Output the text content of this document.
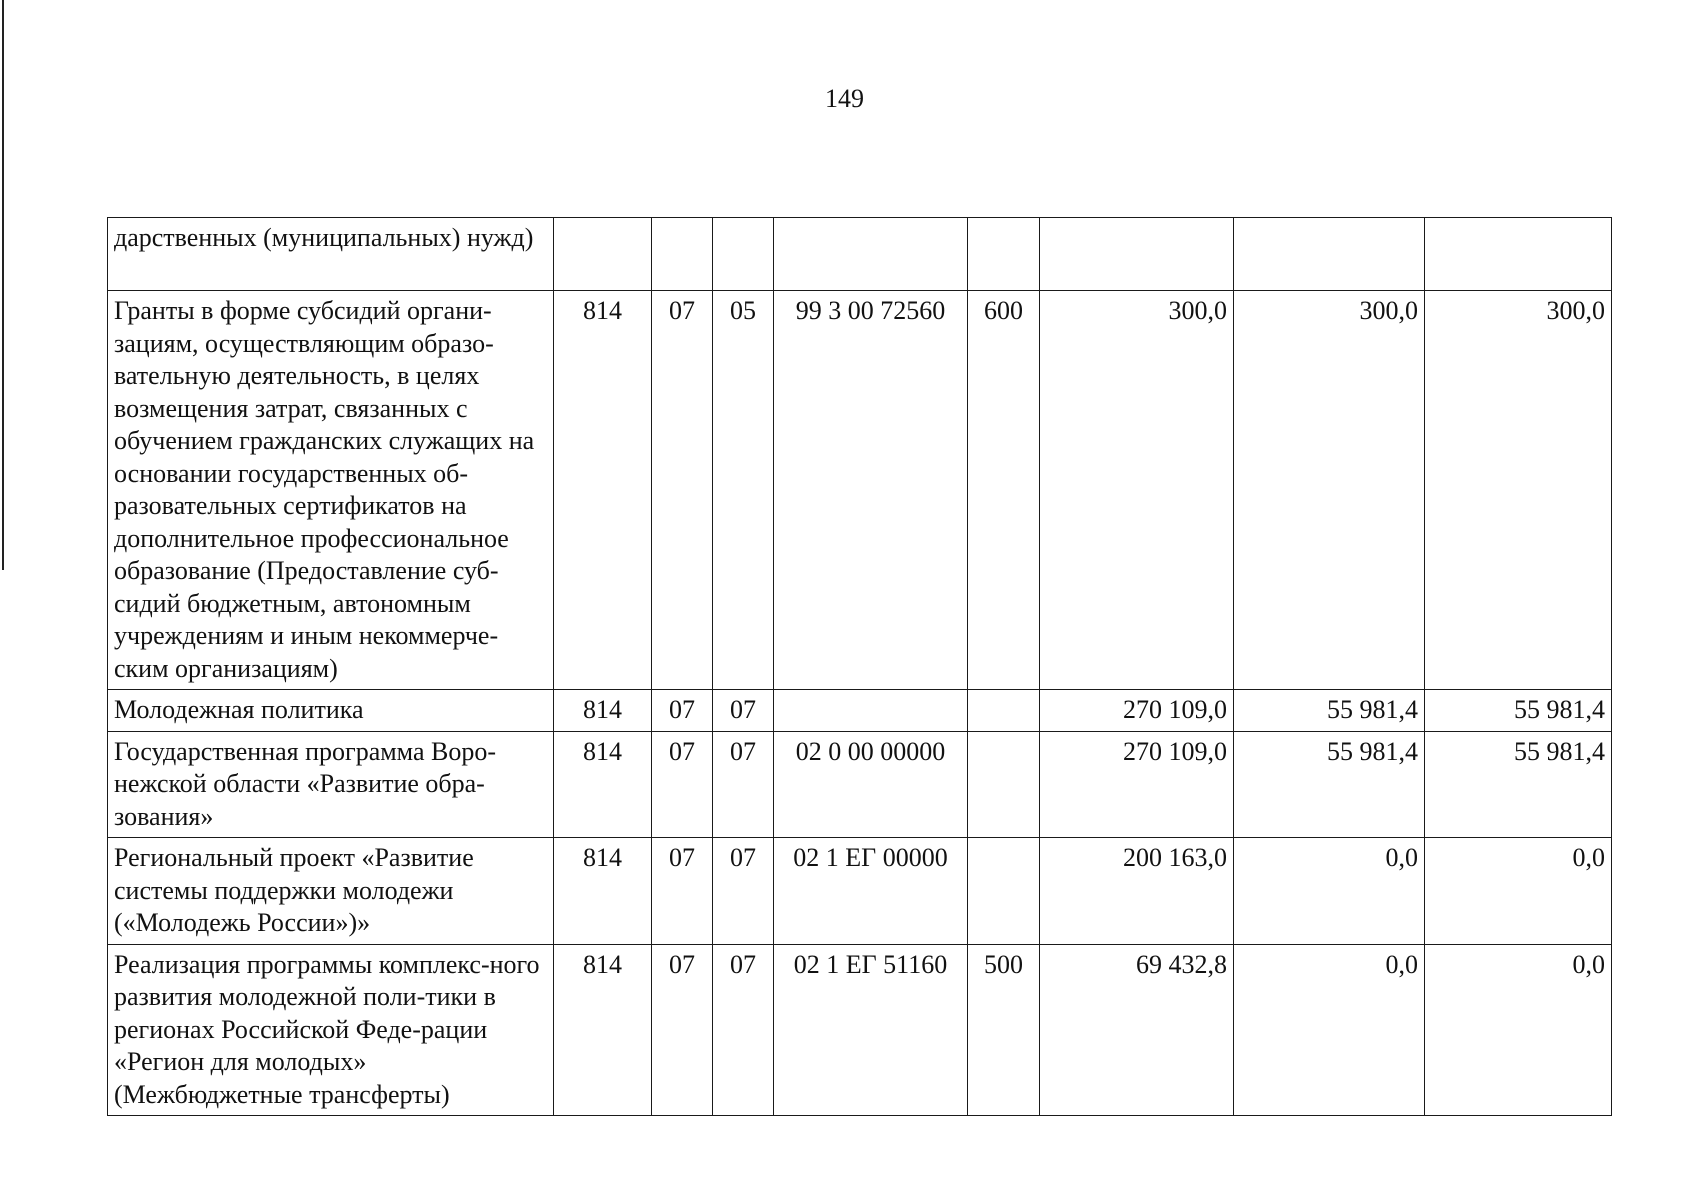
149
дарственных (муниципальных) нужд)								
Гранты в форме субсидий органи-зациям, осуществляющим образо-вательную деятельность, в целях возмещения затрат, связанных с обучением гражданских служащих на основании государственных об-разовательных сертификатов на дополнительное профессиональное образование (Предоставление суб-сидий бюджетным, автономным учреждениям и иным некоммерче-ским организациям)	814	07	05	99 3 00 72560	600	300,0	300,0	300,0
Молодежная политика	814	07	07			270 109,0	55 981,4	55 981,4
Государственная программа Воро-нежской области «Развитие обра-зования»	814	07	07	02 0 00 00000		270 109,0	55 981,4	55 981,4
Региональный проект «Развитие системы поддержки молодежи («Молодежь России»)»	814	07	07	02 1 ЕГ 00000		200 163,0	0,0	0,0
Реализация программы комплекс-ного развития молодежной поли-тики в регионах Российской Феде-рации «Регион для молодых» (Межбюджетные трансферты)	814	07	07	02 1 ЕГ 51160	500	69 432,8	0,0	0,0
